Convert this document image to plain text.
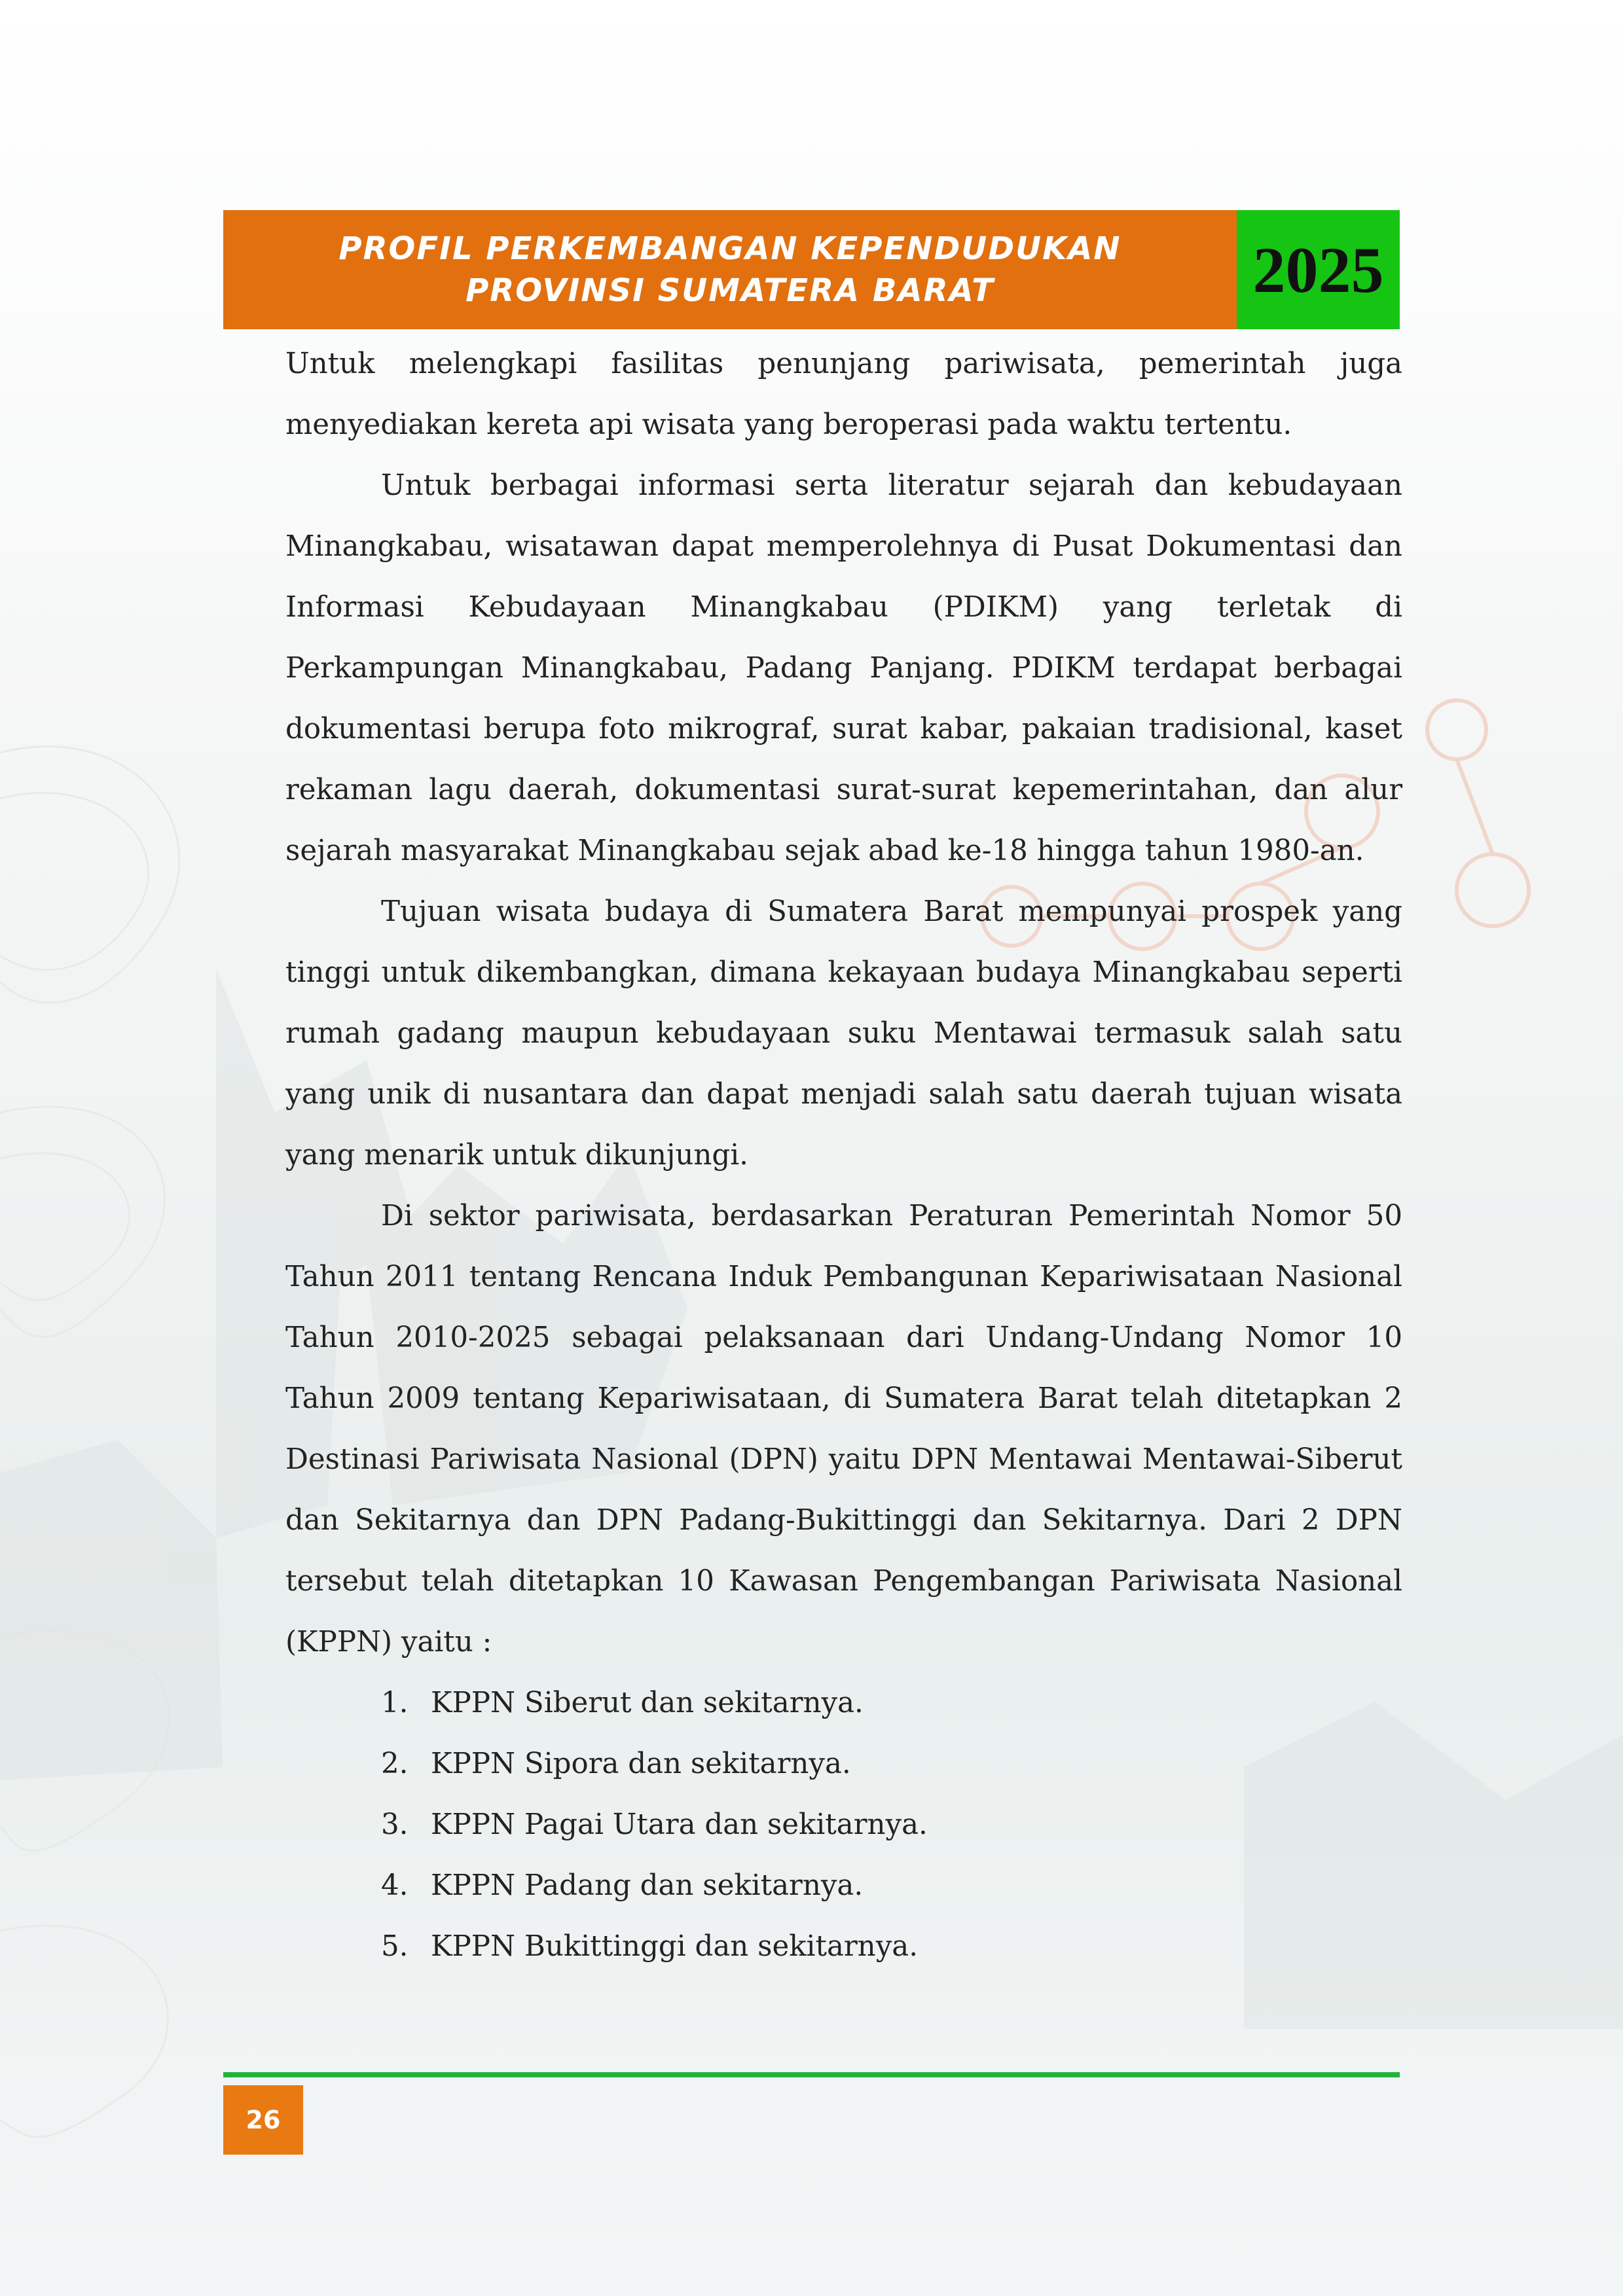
PROFIL PERKEMBANGAN KEPENDUDUKAN
PROVINSI SUMATERA BARAT	2025

Untuk melengkapi fasilitas penunjang pariwisata, pemerintah juga menyediakan kereta api wisata yang beroperasi pada waktu tertentu.

Untuk berbagai informasi serta literatur sejarah dan kebudayaan Minangkabau, wisatawan dapat memperolehnya di Pusat Dokumentasi dan Informasi Kebudayaan Minangkabau (PDIKM) yang terletak di Perkampungan Minangkabau, Padang Panjang. PDIKM terdapat berbagai dokumentasi berupa foto mikrograf, surat kabar, pakaian tradisional, kaset rekaman lagu daerah, dokumentasi surat-surat kepemerintahan, dan alur sejarah masyarakat Minangkabau sejak abad ke-18 hingga tahun 1980-an.

Tujuan wisata budaya di Sumatera Barat mempunyai prospek yang tinggi untuk dikembangkan, dimana kekayaan budaya Minangkabau seperti rumah gadang maupun kebudayaan suku Mentawai termasuk salah satu yang unik di nusantara dan dapat menjadi salah satu daerah tujuan wisata yang menarik untuk dikunjungi.

Di sektor pariwisata, berdasarkan Peraturan Pemerintah Nomor 50 Tahun 2011 tentang Rencana Induk Pembangunan Kepariwisataan Nasional Tahun 2010-2025 sebagai pelaksanaan dari Undang-Undang Nomor 10 Tahun 2009 tentang Kepariwisataan, di Sumatera Barat telah ditetapkan 2 Destinasi Pariwisata Nasional (DPN) yaitu DPN Mentawai Mentawai-Siberut dan Sekitarnya dan DPN Padang-Bukittinggi dan Sekitarnya. Dari 2 DPN tersebut telah ditetapkan 10 Kawasan Pengembangan Pariwisata Nasional (KPPN) yaitu :

1. KPPN Siberut dan sekitarnya.
2. KPPN Sipora dan sekitarnya.
3. KPPN Pagai Utara dan sekitarnya.
4. KPPN Padang dan sekitarnya.
5. KPPN Bukittinggi dan sekitarnya.
26
